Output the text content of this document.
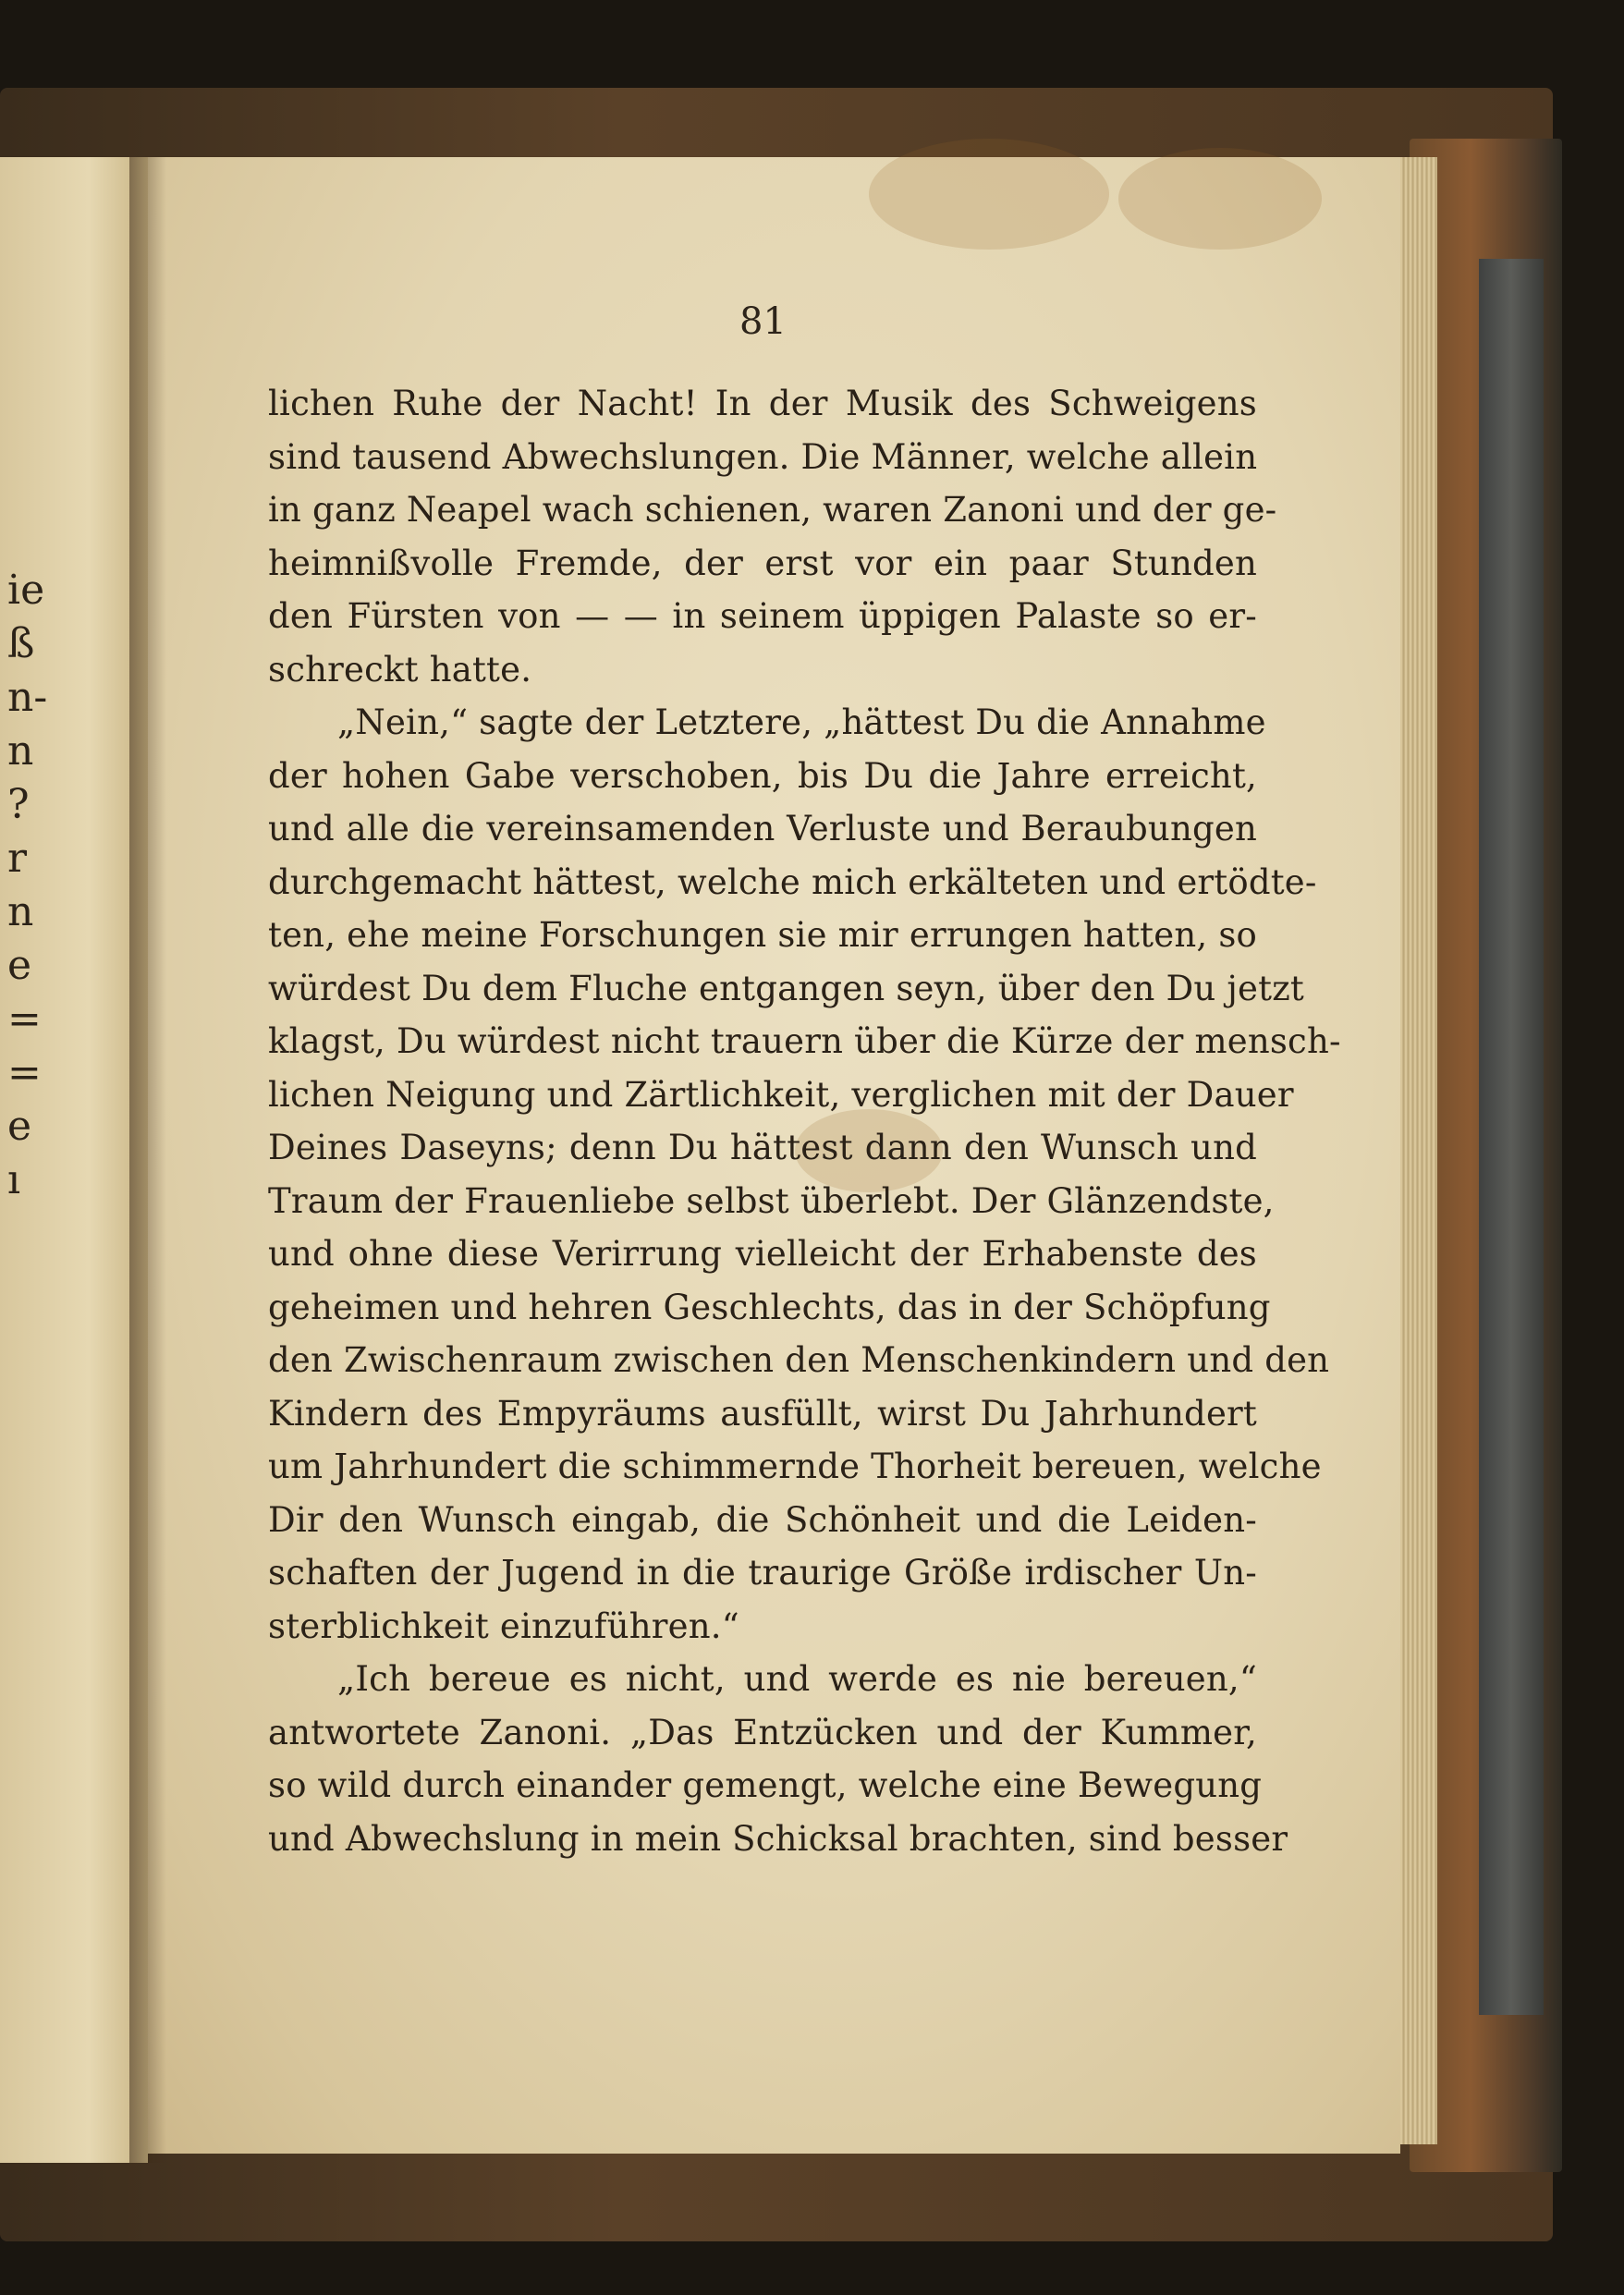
ie
ß
n-
n
?
r
n
e
=
=
e
ı
81
lichen Ruhe der Nacht! In der Musik des Schweigens
sind tausend Abwechslungen. Die Männer, welche allein
in ganz Neapel wach schienen, waren Zanoni und der ge-
heimnißvolle Fremde, der erst vor ein paar Stunden
den Fürsten von — — in seinem üppigen Palaste so er-
schreckt hatte.
„Nein,“ sagte der Letztere, „hättest Du die Annahme
der hohen Gabe verschoben, bis Du die Jahre erreicht,
und alle die vereinsamenden Verluste und Beraubungen
durchgemacht hättest, welche mich erkälteten und ertödte-
ten, ehe meine Forschungen sie mir errungen hatten, so
würdest Du dem Fluche entgangen seyn, über den Du jetzt
klagst, Du würdest nicht trauern über die Kürze der mensch-
lichen Neigung und Zärtlichkeit, verglichen mit der Dauer
Deines Daseyns; denn Du hättest dann den Wunsch und
Traum der Frauenliebe selbst überlebt. Der Glänzendste,
und ohne diese Verirrung vielleicht der Erhabenste des
geheimen und hehren Geschlechts, das in der Schöpfung
den Zwischenraum zwischen den Menschenkindern und den
Kindern des Empyräums ausfüllt, wirst Du Jahrhundert
um Jahrhundert die schimmernde Thorheit bereuen, welche
Dir den Wunsch eingab, die Schönheit und die Leiden-
schaften der Jugend in die traurige Größe irdischer Un-
sterblichkeit einzuführen.“
„Ich bereue es nicht, und werde es nie bereuen,“
antwortete Zanoni. „Das Entzücken und der Kummer,
so wild durch einander gemengt, welche eine Bewegung
und Abwechslung in mein Schicksal brachten, sind besser
